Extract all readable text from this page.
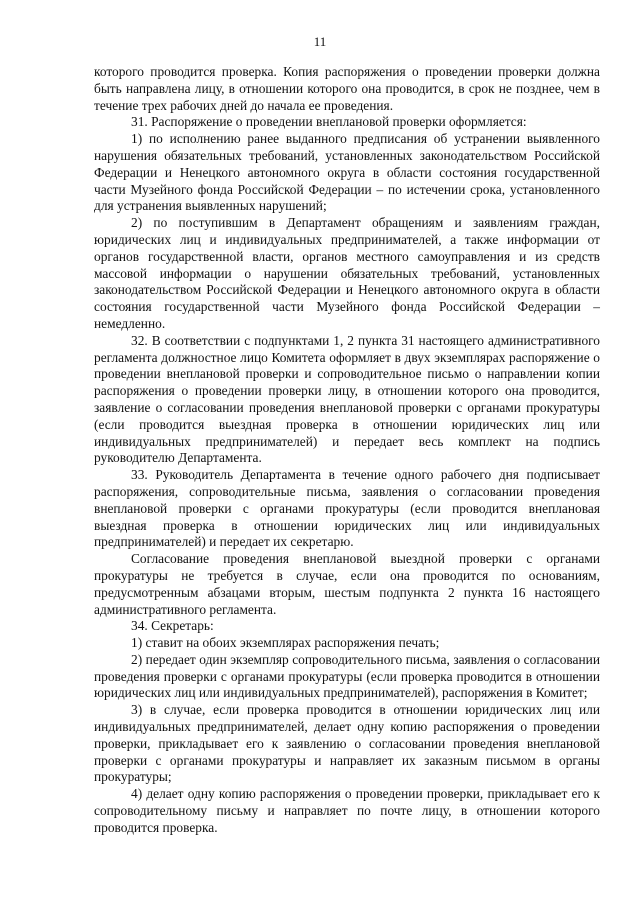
11

которого проводится проверка. Копия распоряжения о проведении проверки должна быть направлена лицу, в отношении которого она проводится, в срок не позднее, чем в течение трех рабочих дней до начала ее проведения.

31. Распоряжение о проведении внеплановой проверки оформляется:

1) по исполнению ранее выданного предписания об устранении выявленного нарушения обязательных требований, установленных законодательством Российской Федерации и Ненецкого автономного округа в области состояния государственной части Музейного фонда Российской Федерации – по истечении срока, установленного для устранения выявленных нарушений;

2) по поступившим в Департамент обращениям и заявлениям граждан, юридических лиц и индивидуальных предпринимателей, а также информации от органов государственной власти, органов местного самоуправления и из средств массовой информации о нарушении обязательных требований, установленных законодательством Российской Федерации и Ненецкого автономного округа в области состояния государственной части Музейного фонда Российской Федерации – немедленно.

32. В соответствии с подпунктами 1, 2 пункта 31 настоящего административного регламента должностное лицо Комитета оформляет в двух экземплярах распоряжение о проведении внеплановой проверки и сопроводительное письмо о направлении копии распоряжения о проведении проверки лицу, в отношении которого она проводится, заявление о согласовании проведения внеплановой проверки с органами прокуратуры (если проводится выездная проверка в отношении юридических лиц или индивидуальных предпринимателей) и передает весь комплект на подпись руководителю Департамента.

33. Руководитель Департамента в течение одного рабочего дня подписывает распоряжения, сопроводительные письма, заявления о согласовании проведения внеплановой проверки с органами прокуратуры (если проводится внеплановая выездная проверка в отношении юридических лиц или индивидуальных предпринимателей) и передает их секретарю.

Согласование проведения внеплановой выездной проверки с органами прокуратуры не требуется в случае, если она проводится по основаниям, предусмотренным абзацами вторым, шестым подпункта 2 пункта 16 настоящего административного регламента.

34. Секретарь:

1) ставит на обоих экземплярах распоряжения печать;

2) передает один экземпляр сопроводительного письма, заявления о согласовании проведения проверки с органами прокуратуры (если проверка проводится в отношении юридических лиц или индивидуальных предпринимателей), распоряжения в Комитет;

3) в случае, если проверка проводится в отношении юридических лиц или индивидуальных предпринимателей, делает одну копию распоряжения о проведении проверки, прикладывает его к заявлению о согласовании проведения внеплановой проверки с органами прокуратуры и направляет их заказным письмом в органы прокуратуры;

4) делает одну копию распоряжения о проведении проверки, прикладывает его к сопроводительному письму и направляет по почте лицу, в отношении которого проводится проверка.
